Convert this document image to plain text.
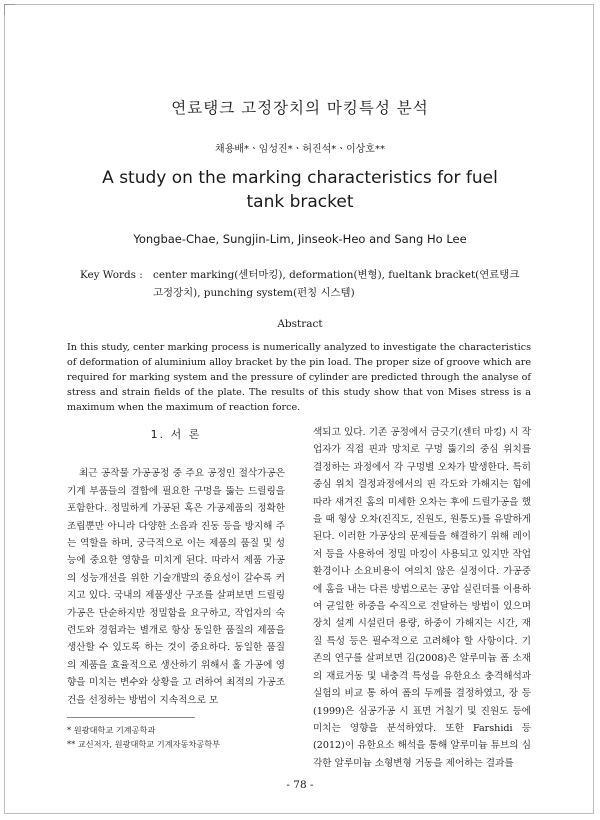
연료탱크 고정장치의 마킹특성 분석
채용배*ㆍ임성진*ㆍ허진석*ㆍ이상호**
A study on the marking characteristics for fuel tank bracket
Yongbae-Chae, Sungjin-Lim, Jinseok-Heo and Sang Ho Lee
Key Words : center marking(센터마킹), deformation(변형), fueltank bracket(연료탱크 고정장치), punching system(펀칭 시스템)
Abstract
In this study, center marking process is numerically analyzed to investigate the characteristics of deformation of aluminium alloy bracket by the pin load. The proper size of groove which are required for marking system and the pressure of cylinder are predicted through the analyse of stress and strain fields of the plate. The results of this study show that von Mises stress is a maximum when the maximum of reaction force.
1. 서 론

최근 공작물 가공공정 중 주요 공정인 절삭가공은 기계 부품들의 결합에 필요한 구멍을 뚫는 드릴링을 포함한다. 정밀하게 가공된 혹은 가공제품의 정확한 조립뿐만 아니라 다양한 소음과 진동 등을 방지해 주는 역할을 하며, 궁극적으로 이는 제품의 품질 및 성능에 중요한 영향을 미치게 된다. 따라서 제품 가공의 성능개선을 위한 기술개발의 중요성이 갈수록 커지고 있다. 국내의 제품생산 구조를 살펴보면 드릴링 가공은 단순하지만 정밀함을 요구하고, 작업자의 숙련도와 경험과는 별개로 항상 동일한 품질의 제품을 생산할 수 있도록 하는 것이 중요하다. 동일한 품질의 제품을 효율적으로 생산하기 위해서 홀 가공에 영향을 미치는 변수와 상황을 고 려하여 최적의 가공조건을 선정하는 방법이 지속적으로 모

색되고 있다. 기존 공정에서 금긋기(센터 마킹) 시 작업자가 직접 핀과 망치로 구멍 뚫기의 중심 위치를 결정하는 과정에서 각 구멍별 오차가 발생한다. 특히 중심 위치 결정과정에서의 핀 각도와 가해지는 힘에 따라 새겨진 홈의 미세한 오차는 후에 드릴가공을 했을 때 형상 오차(진직도, 진원도, 원통도)를 유발하게 된다. 이러한 가공상의 문제들을 해결하기 위해 레이저 등을 사용하여 정밀 마킹이 사용되고 있지만 작업 환경이나 소요비용이 여의치 않은 실정이다. 가공중에 홈을 내는 다른 방법으로는 공압 실린더를 이용하여 균일한 하중을 수직으로 전달하는 방법이 있으며 장치 설계 시설린더 용량, 하중이 가해지는 시간, 재질 특성 등은 필수적으로 고려해야 할 사항이다. 기존의 연구를 살펴보면 김(2008)은 알루미늄 폼 소재의 재료거동 및 내충격 특성을 유한요소 충격해석과 실험의 비교 통 하여 폼의 두께를 결정하였고, 장 등(1999)은 심공가공 시 표면 거칠기 및 진원도 등에 미치는 영향을 분석하였다. 또한 Farshidi 등(2012)이 유한요소 해석을 통해 알루미늄 튜브의 심각한 알루미늄 소형변형 거동을 제어하는 결과를

* 원광대학교 기계공학과
** 교신저자, 원광대학교 기계자동차공학부
- 78 -
